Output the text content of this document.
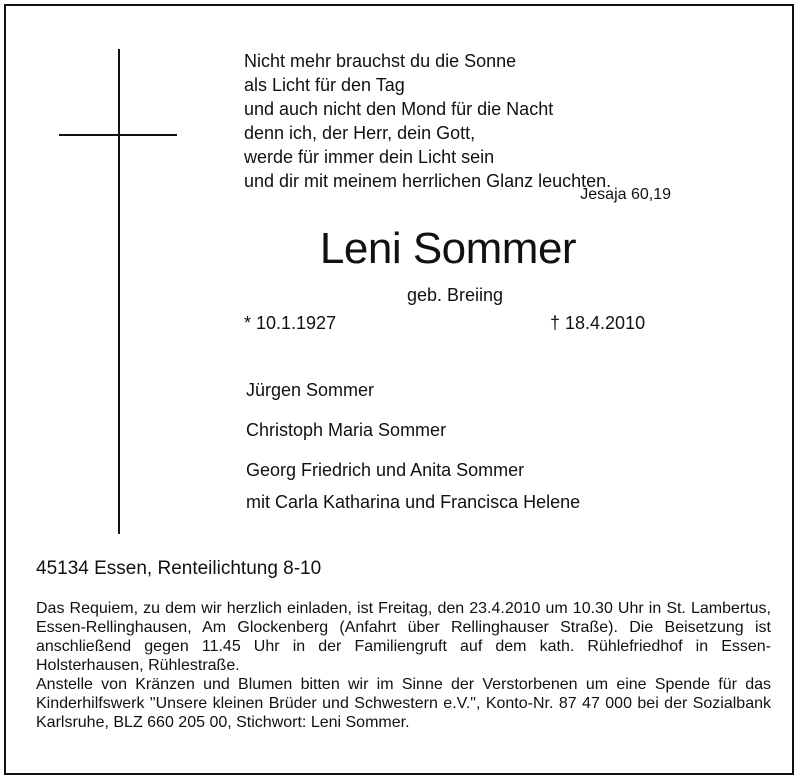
Nicht mehr brauchst du die Sonne
als Licht für den Tag
und auch nicht den Mond für die Nacht
denn ich, der Herr, dein Gott,
werde für immer dein Licht sein
und dir mit meinem herrlichen Glanz leuchten.
Jesaja 60,19
Leni Sommer
geb. Breiing
* 10.1.1927	† 18.4.2010
Jürgen Sommer
Christoph Maria Sommer
Georg Friedrich und Anita Sommer
mit Carla Katharina und Francisca Helene
45134 Essen, Renteilichtung 8-10

Das Requiem, zu dem wir herzlich einladen, ist Freitag, den 23.4.2010 um 10.30 Uhr in St. Lambertus, Essen-Rellinghausen, Am Glockenberg (Anfahrt über Rellinghauser Straße). Die Beisetzung ist anschließend gegen 11.45 Uhr in der Familiengruft auf dem kath. Rühlefriedhof in Essen-Holsterhausen, Rühlestraße.

Anstelle von Kränzen und Blumen bitten wir im Sinne der Verstorbenen um eine Spende für das Kinderhilfswerk "Unsere kleinen Brüder und Schwestern e.V.", Konto-Nr. 87 47 000 bei der Sozialbank Karlsruhe, BLZ 660 205 00, Stichwort: Leni Sommer.
